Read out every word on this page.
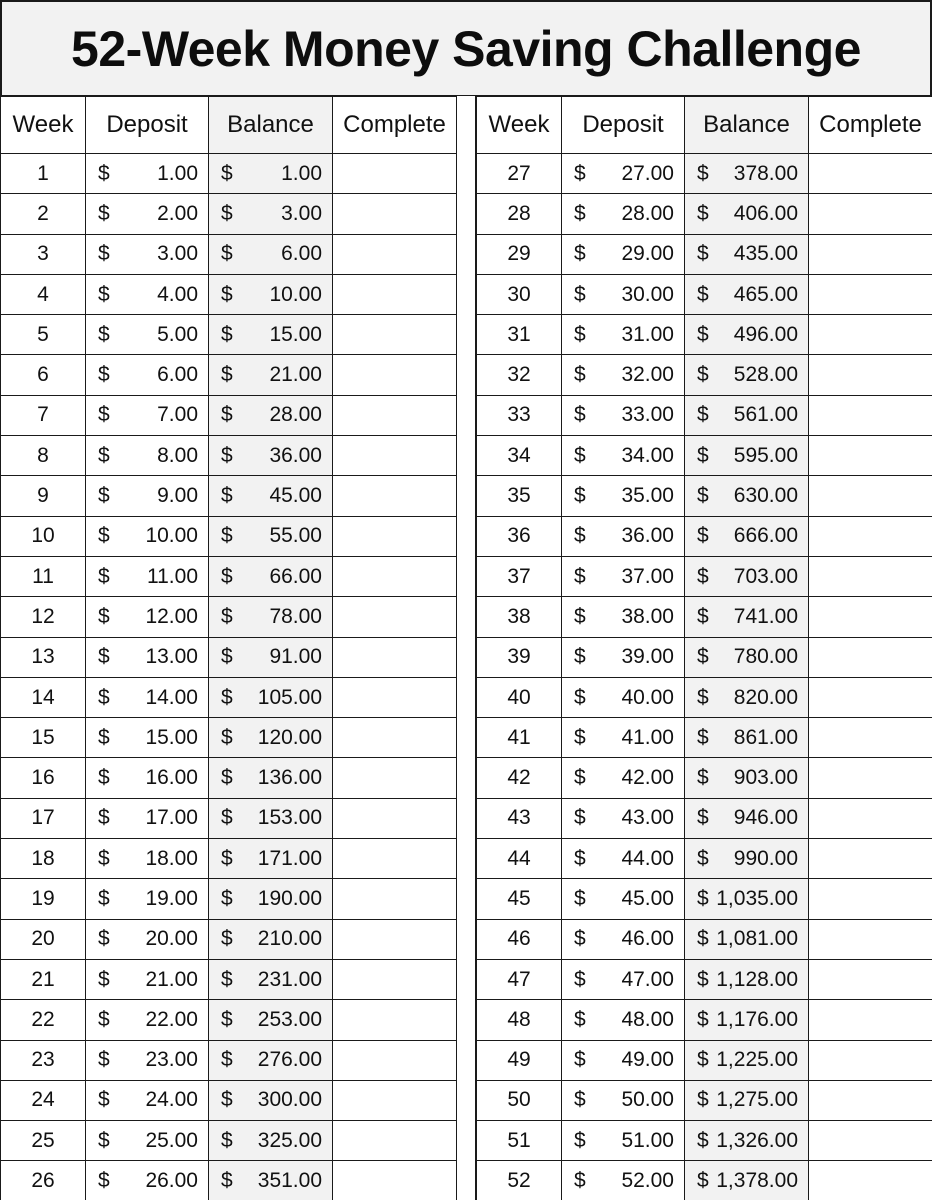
52-Week Money Saving Challenge
Week	Deposit	Balance	Complete
1	$ 1.00	$ 1.00	

2	$ 2.00	$ 3.00	

3	$ 3.00	$ 6.00	

4	$ 4.00	$ 10.00	

5	$ 5.00	$ 15.00	

6	$ 6.00	$ 21.00	

7	$ 7.00	$ 28.00	

8	$ 8.00	$ 36.00	

9	$ 9.00	$ 45.00	

10	$ 10.00	$ 55.00	

11	$ 11.00	$ 66.00	

12	$ 12.00	$ 78.00	

13	$ 13.00	$ 91.00	

14	$ 14.00	$ 105.00	

15	$ 15.00	$ 120.00	

16	$ 16.00	$ 136.00	

17	$ 17.00	$ 153.00	

18	$ 18.00	$ 171.00	

19	$ 19.00	$ 190.00	

20	$ 20.00	$ 210.00	

21	$ 21.00	$ 231.00	

22	$ 22.00	$ 253.00	

23	$ 23.00	$ 276.00	

24	$ 24.00	$ 300.00	

25	$ 25.00	$ 325.00	

26	$ 26.00	$ 351.00	

Week	Deposit	Balance	Complete
27	$ 27.00	$ 378.00	

28	$ 28.00	$ 406.00	

29	$ 29.00	$ 435.00	

30	$ 30.00	$ 465.00	

31	$ 31.00	$ 496.00	

32	$ 32.00	$ 528.00	

33	$ 33.00	$ 561.00	

34	$ 34.00	$ 595.00	

35	$ 35.00	$ 630.00	

36	$ 36.00	$ 666.00	

37	$ 37.00	$ 703.00	

38	$ 38.00	$ 741.00	

39	$ 39.00	$ 780.00	

40	$ 40.00	$ 820.00	

41	$ 41.00	$ 861.00	

42	$ 42.00	$ 903.00	

43	$ 43.00	$ 946.00	

44	$ 44.00	$ 990.00	

45	$ 45.00	$ 1,035.00	

46	$ 46.00	$ 1,081.00	

47	$ 47.00	$ 1,128.00	

48	$ 48.00	$ 1,176.00	

49	$ 49.00	$ 1,225.00	

50	$ 50.00	$ 1,275.00	

51	$ 51.00	$ 1,326.00	

52	$ 52.00	$ 1,378.00	
